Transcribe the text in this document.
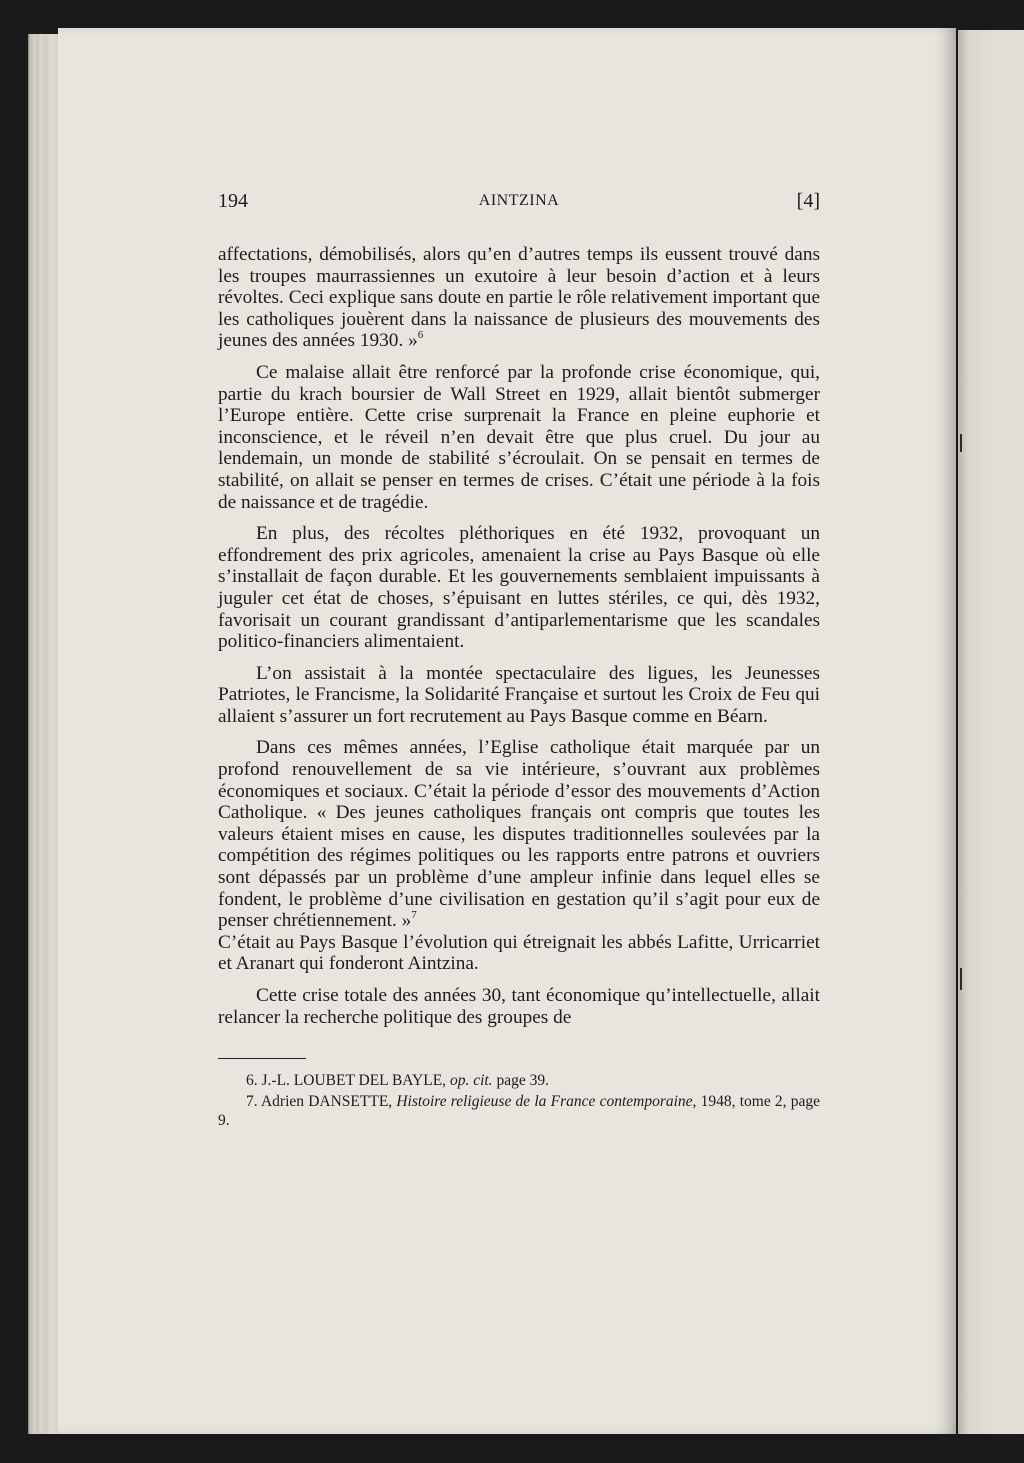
194	AINTZINA	[4]

affectations, démobilisés, alors qu’en d’autres temps ils eussent trouvé dans les troupes maurrassiennes un exutoire à leur besoin d’action et à leurs révoltes. Ceci explique sans doute en partie le rôle relativement important que les catholiques jouèrent dans la naissance de plusieurs des mouvements des jeunes des années 1930. »$^6$

Ce malaise allait être renforcé par la profonde crise économique, qui, partie du krach boursier de Wall Street en 1929, allait bientôt submerger l’Europe entière. Cette crise surprenait la France en pleine euphorie et inconscience, et le réveil n’en devait être que plus cruel. Du jour au lendemain, un monde de stabilité s’écroulait. On se pensait en termes de stabilité, on allait se penser en termes de crises. C’était une période à la fois de naissance et de tragédie.

En plus, des récoltes pléthoriques en été 1932, provoquant un effondrement des prix agricoles, amenaient la crise au Pays Basque où elle s’installait de façon durable. Et les gouvernements semblaient impuissants à juguler cet état de choses, s’épuisant en luttes stériles, ce qui, dès 1932, favorisait un courant grandissant d’antiparlementarisme que les scandales politico-financiers alimentaient.

L’on assistait à la montée spectaculaire des ligues, les Jeunesses Patriotes, le Francisme, la Solidarité Française et surtout les Croix de Feu qui allaient s’assurer un fort recrutement au Pays Basque comme en Béarn.

Dans ces mêmes années, l’Eglise catholique était marquée par un profond renouvellement de sa vie intérieure, s’ouvrant aux problèmes économiques et sociaux. C’était la période d’essor des mouvements d’Action Catholique. « Des jeunes catholiques français ont compris que toutes les valeurs étaient mises en cause, les disputes traditionnelles soulevées par la compétition des régimes politiques ou les rapports entre patrons et ouvriers sont dépassés par un problème d’une ampleur infinie dans lequel elles se fondent, le problème d’une civilisation en gestation qu’il s’agit pour eux de penser chrétiennement. »$^7$

C’était au Pays Basque l’évolution qui étreignait les abbés Lafitte, Urricarriet et Aranart qui fonderont Aintzina.

Cette crise totale des années 30, tant économique qu’intellectuelle, allait relancer la recherche politique des groupes de

6. J.-L. LOUBET DEL BAYLE, op. cit. page 39.

7. Adrien DANSETTE, Histoire religieuse de la France contemporaine, 1948, tome 2, page 9.
